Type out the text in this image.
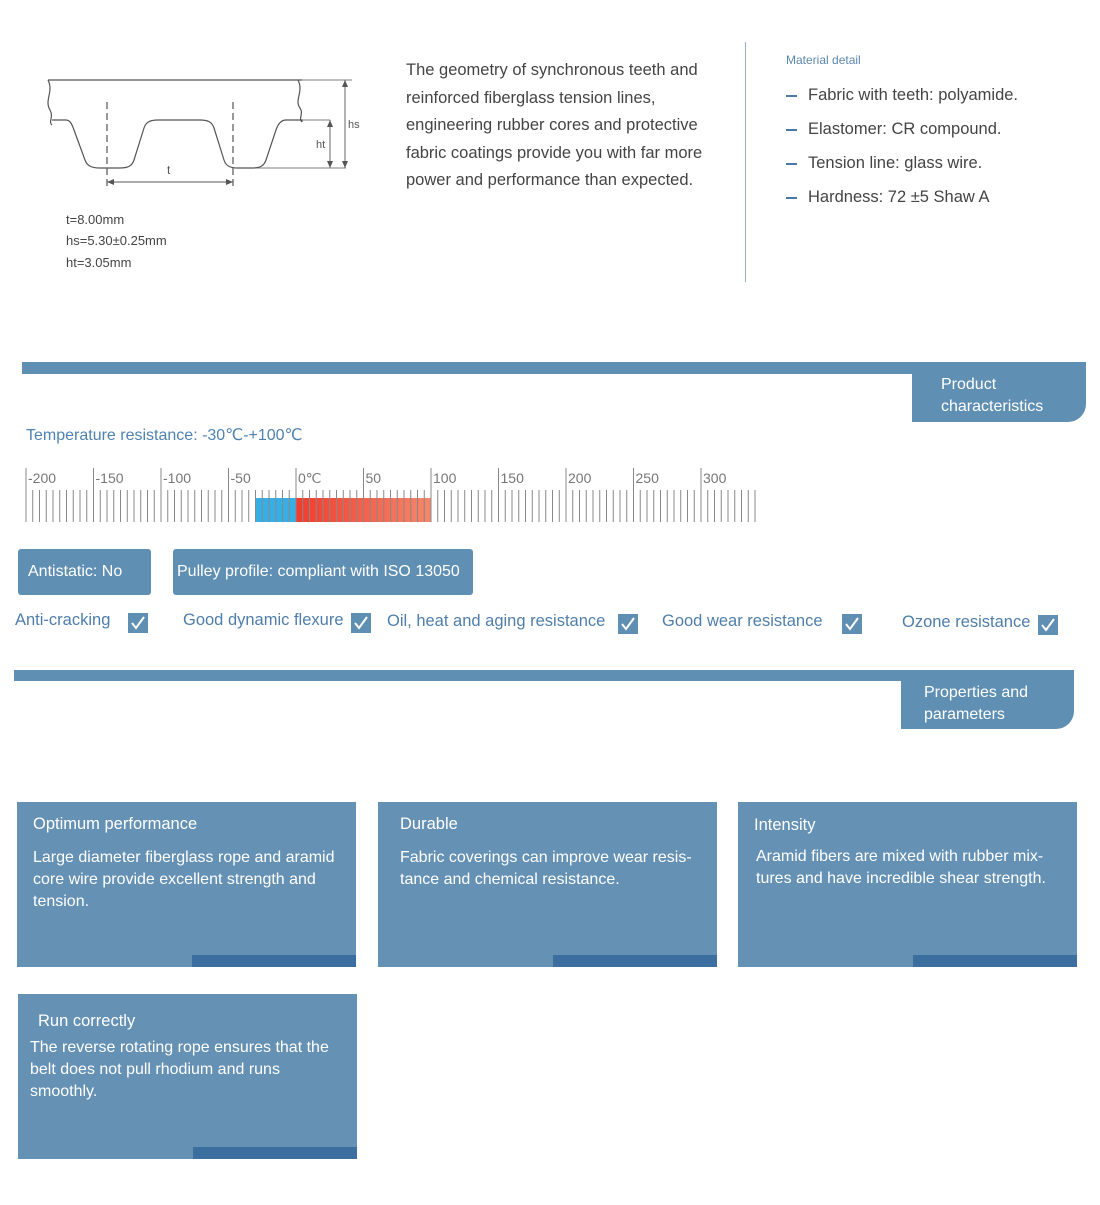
t
hs
ht
t=8.00mm
hs=5.30±0.25mm
ht=3.05mm
The geometry of synchronous teeth and reinforced fiberglass tension lines, engineering rubber cores and protective fabric coatings provide you with far more power and performance than expected.
Material detail
Fabric with teeth: polyamide.
Elastomer: CR compound.
Tension line: glass wire.
Hardness: 72 ±5 Shaw A
Product characteristics
Temperature resistance: -30℃-+100℃
-200	-150	-100	-50	0℃	50	100	150	200	250	300
Antistatic: No	Pulley profile: compliant with ISO 13050
Anti-cracking	Good dynamic flexure	Oil, heat and aging resistance	Good wear resistance	Ozone resistance
Properties and parameters
Optimum performance
Large diameter fiberglass rope and aramid core wire provide excellent strength and tension.
Durable
Fabric coverings can improve wear resis-tance and chemical resistance.
Intensity
Aramid fibers are mixed with rubber mix-tures and have incredible shear strength.
Run correctly
The reverse rotating rope ensures that the belt does not pull rhodium and runs smoothly.
